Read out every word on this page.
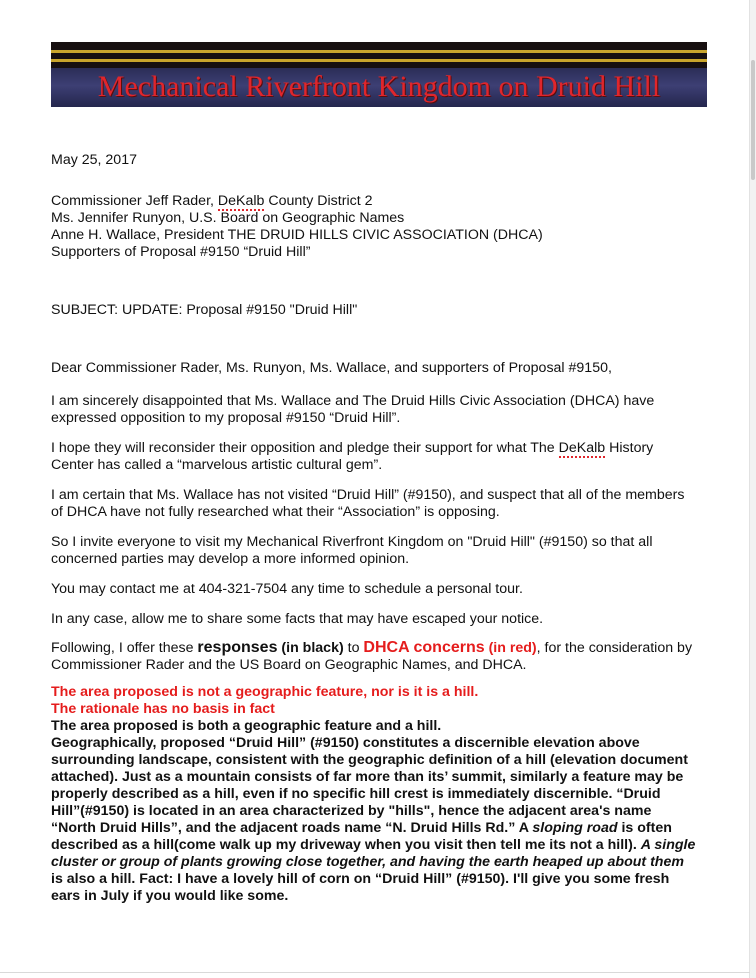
Mechanical Riverfront Kingdom on Druid Hill

May 25, 2017

Commissioner Jeff Rader, DeKalb County District 2

Ms. Jennifer Runyon, U.S. Board on Geographic Names

Anne H. Wallace, President THE DRUID HILLS CIVIC ASSOCIATION (DHCA)

Supporters of Proposal #9150 “Druid Hill”

SUBJECT: UPDATE: Proposal #9150 "Druid Hill"

Dear Commissioner Rader, Ms. Runyon, Ms. Wallace, and supporters of Proposal #9150,

I am sincerely disappointed that Ms. Wallace and The Druid Hills Civic Association (DHCA) have expressed opposition to my proposal #9150 “Druid Hill”.

I hope they will reconsider their opposition and pledge their support for what The DeKalb History Center has called a “marvelous artistic cultural gem”.

I am certain that Ms. Wallace has not visited “Druid Hill” (#9150), and suspect that all of the members of DHCA have not fully researched what their “Association” is opposing.

So I invite everyone to visit my Mechanical Riverfront Kingdom on "Druid Hill" (#9150) so that all concerned parties may develop a more informed opinion.

You may contact me at 404-321-7504 any time to schedule a personal tour.

In any case, allow me to share some facts that may have escaped your notice.

Following, I offer these responses (in black) to DHCA concerns (in red), for the consideration by Commissioner Rader and the US Board on Geographic Names, and DHCA.

The area proposed is not a geographic feature, nor is it is a hill.

The rationale has no basis in fact

The area proposed is both a geographic feature and a hill.

Geographically, proposed “Druid Hill” (#9150) constitutes a discernible elevation above surrounding landscape, consistent with the geographic definition of a hill (elevation document attached). Just as a mountain consists of far more than its’ summit, similarly a feature may be properly described as a hill, even if no specific hill crest is immediately discernible. “Druid Hill”(#9150) is located in an area characterized by "hills", hence the adjacent area's name “North Druid Hills”, and the adjacent roads name “N. Druid Hills Rd.” A sloping road is often described as a hill(come walk up my driveway when you visit then tell me its not a hill). A single cluster or group of plants growing close together, and having the earth heaped up about them is also a hill. Fact: I have a lovely hill of corn on “Druid Hill” (#9150). I'll give you some fresh ears in July if you would like some.
